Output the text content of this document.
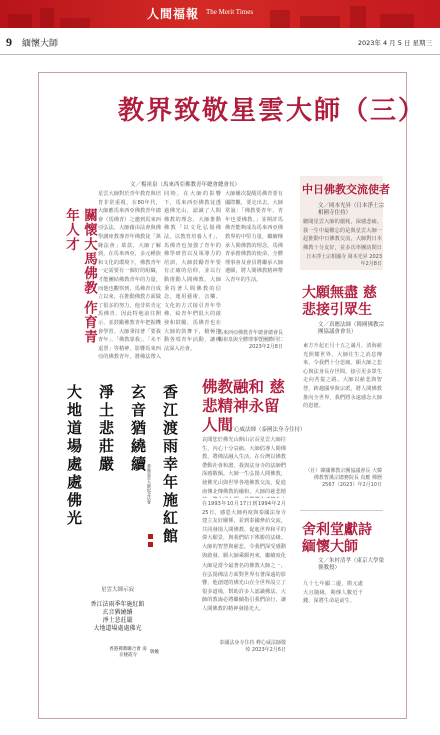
人間福報 The Merit Times
9 緬懷大師	2023年 4 月 5 日 星期三
教界致敬星雲大師（三）
關懷大馬佛教 作育青年人才
文／楊祖泉（馬來西亞佛教青年總會總會長）
星雲大師對於青年教育與培育非常重視，在80年代，大師應馬來西亞佛教青年總會（馬佛青）之邀到馬來西亞弘法，大師藉由法會與佛學講座教導青年佛教徒「萬緣法會」慕款。大師了解到，在馬來西亞，多元種族和文化的環境下，佛教青年一定需要有一個好的組織，才能團結佛教青年的力量，而他也觀察到，馬佛青自成立以來，在推動佛教方面做了很多的努力，他非常肯定馬佛青。因此特地前往開示，並鼓勵佛教青年把握機會學習。大師秉持著「要我青年」、「佛教靠我」、「未不退票」等精神，影響馬來西亞的佛教青年，將佛法帶入
同時，在大師的影響下，馬來西亞佛教徒透過佛光山，認識了人間佛教的理念，大師推動佛教「以文化弘揚佛法，以教育培養人才」，馬佛青也加強了青年的佛學研習以及領導力的培訓，大師鼓勵青年要有正確的信仰，並以行動推動人間佛教。大師秉持著人間佛教的信念，運用藝術、音樂、文化的方式接引青年學佛，給青年們很大的啟發和鼓勵，馬佛青也在大師的鼓舞下，積極推動各項青年活動，讓佛法深入社會。
大師屢次提醒馬佛青要有國際觀，要走出去。大師常說：「佛教要青年，青年也要佛教。」並期許馬佛青能夠成為馬來西亞佛教界的中堅力量，繼續傳承人間佛教的理念。馬佛青承擔佛教的使命，全體理事會及會員將繼承大師遺願，將人間佛教精神帶入青年的生活。
馬來西亞佛教青年總會總會長 楊祖泉與全體理事暨團體同仁 2023年2月8日
中日佛教交流使者
文／岡本光昇（日本淨土宗相國寺住持）
聽聞星雲大師的噩耗，深感悲痛。我一生中最難忘的是與星雲大師一起推動中日佛教交流，大師對日本佛教十分友好，並多次率團訪問日
日本淨土宗相國寺 岡本光昇 2023年2月8日
大願無盡 慈悲接引眾生
文／真應法師（韓國佛教宗團協議會會長）
東方升起正月十五之滿月，清海慈光照耀世界，大師往生之消息傳來，令我們十分悲痛。願大師之悲心與法身長存世間，接引更多眾生走向菩提之路。大師以慈悲與智慧，跨越國界與宗派，將人間佛教推向全世界，我們將永遠感念大師的恩德。
（社）韓國佛教宗團協議會長 大韓佛教曹溪宗總務院長 真應 佛曆2567（2023）年2月10日
舍利堂獻詩 緬懷大師
文／朱村清孝（東京大學榮譽教授）
九十七年顯二邊，衛元處大且隨緣，期傳人數近千錢，深將生命是前生。
香江渡雨幸年施紅館
玄音猶繞續
淨土悲莊嚴
大地道場處處佛光	香港星雲大師紀念法會
星雲大師示寂
香江法雨季年施紅館
玄音猶繞續
淨土悲莊嚴
大地道場處處佛光
香港佛教聯合會 南京棲霞寺
敬輓
佛教融和 慈悲精神永留人間
文／心威法師（泰國法身寺住持）
哀聞您於佛光山開山宗長星雲大師往生，內心十分哀痛。大師倡導人間佛教，將佛法融入生活，在台灣以佛教帶動社會和諧，我與法身寺的法師們深感敬佩。大師一生弘揚人間佛教，使佛光山與世界各地佛教交流，促進南傳北傳佛教的融和，大師的慈悲精
在1993年10月17日到1994年2月25日，感恩大師再度與泰國法身寺建立友好關係，並到泰國參訪交流，共同發揚人間佛教，促進世界和平的偉大願景，與我們結下殊勝的法緣。大師的智慧與慈悲，令我們深受感動與啟發。願大師乘願再來，繼續度化
大師是當今最著名的佛教大師之一，在弘揚佛法方面對世界有著深遠的影響，他創建的佛光山在全世界設立了很多道場，幫助許多人認識佛法。大師的教誨必將繼續指引我們前行，讓人間佛教的精神發揚光大。
泰國法身寺住持 釋心威法師敬悼 2023年2月6日
